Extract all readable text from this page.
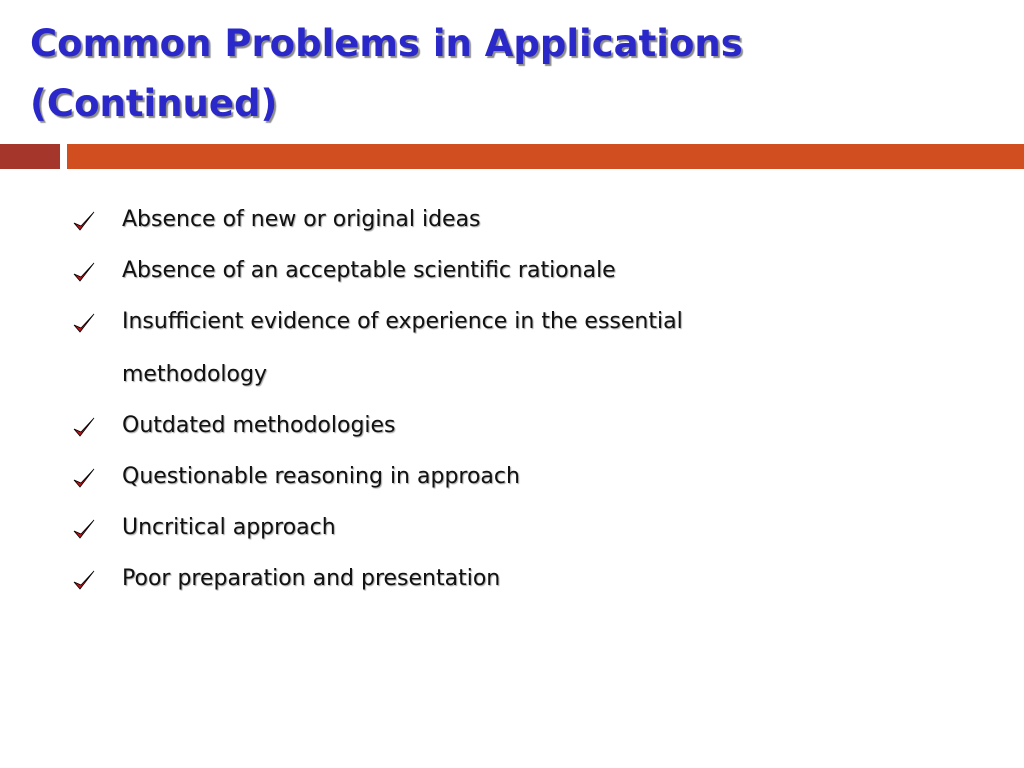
Common Problems in Applications
(Continued)
Absence of new or original ideas
Absence of an acceptable scientific rationale
Insufficient evidence of experience in the essential methodology
Outdated methodologies
Questionable reasoning in approach
Uncritical approach
Poor preparation and presentation
